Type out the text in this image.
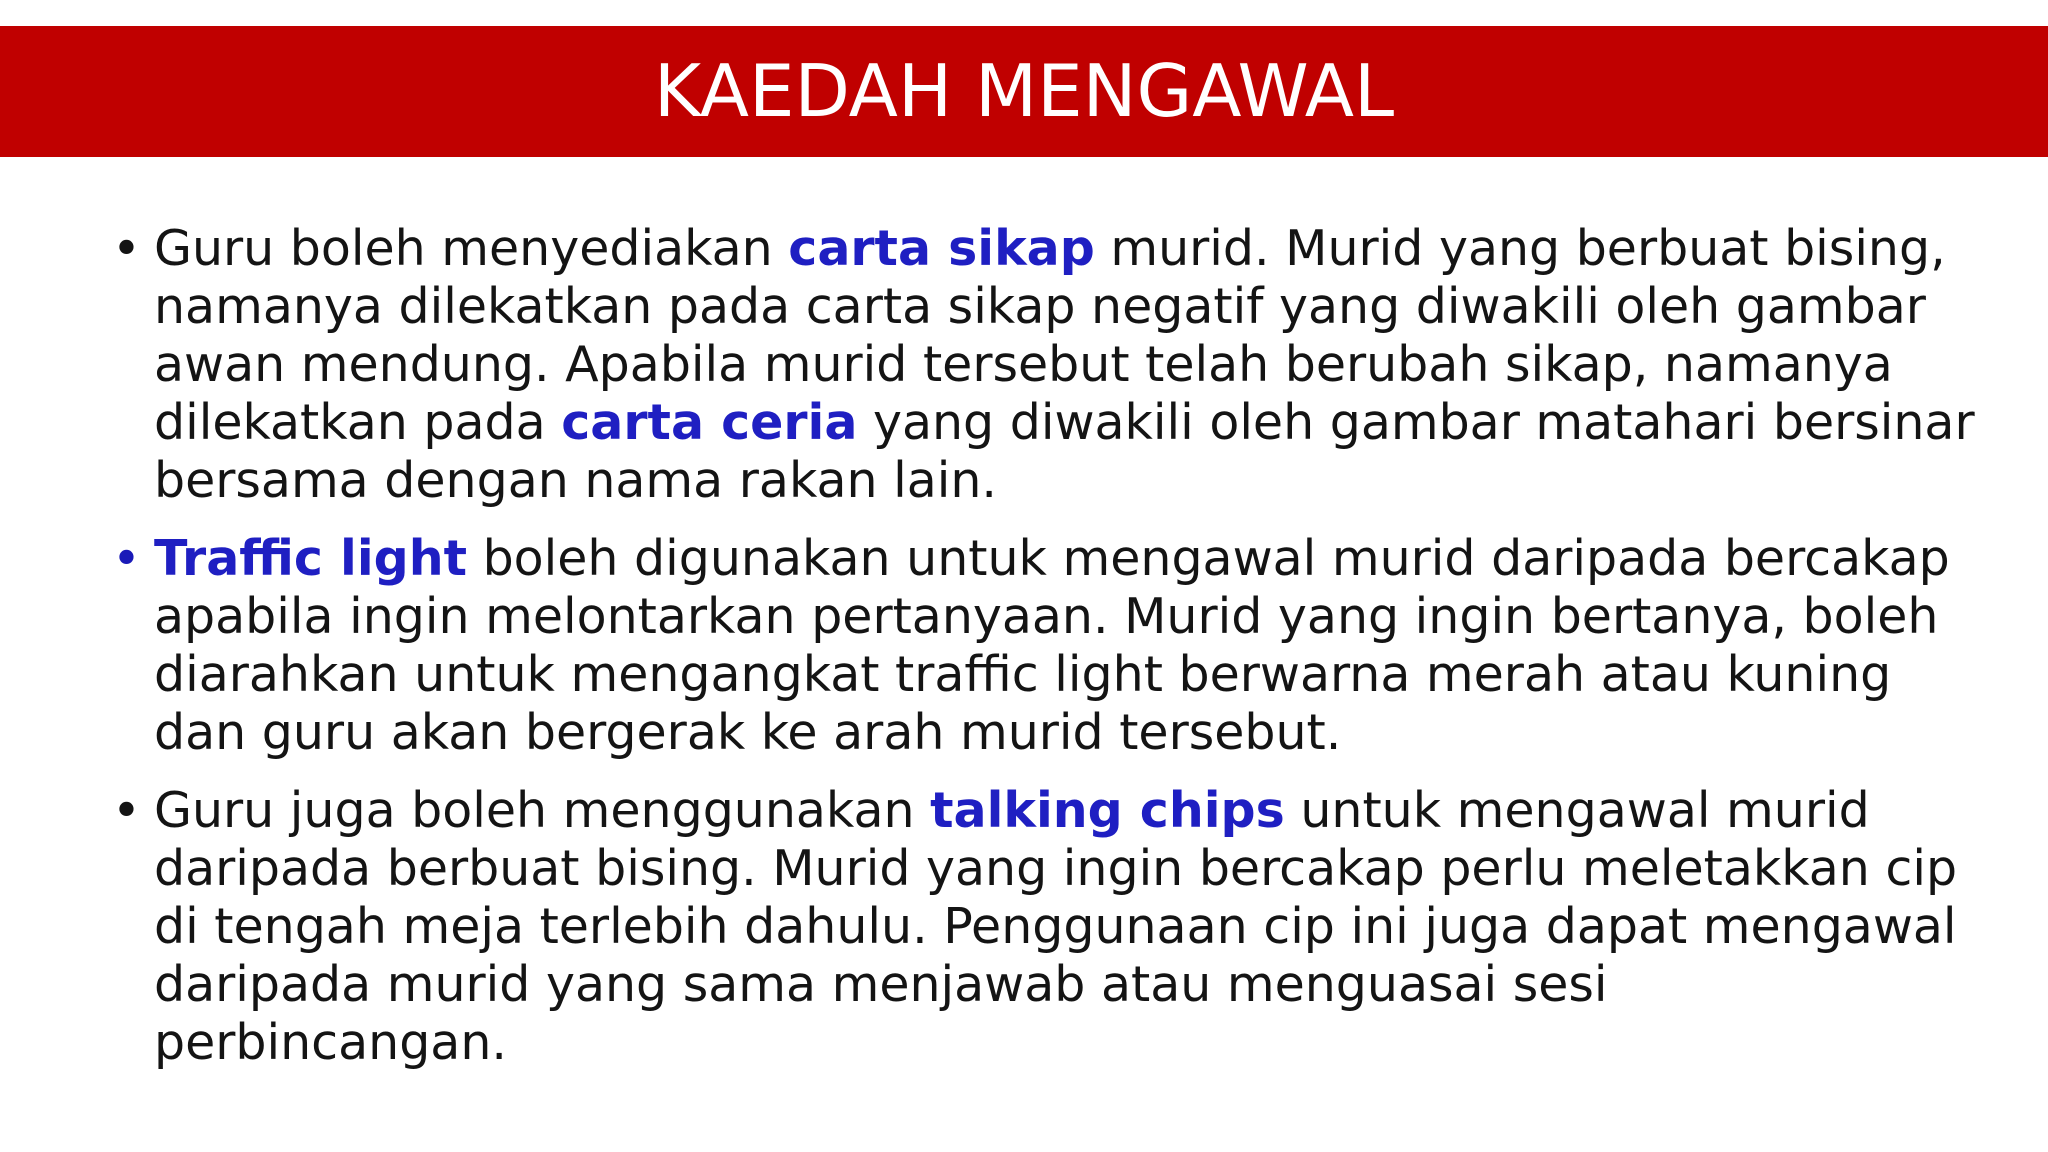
KAEDAH MENGAWAL
• Guru boleh menyediakan carta sikap murid. Murid yang berbuat bising,
namanya dilekatkan pada carta sikap negatif yang diwakili oleh gambar
awan mendung. Apabila murid tersebut telah berubah sikap, namanya
dilekatkan pada carta ceria yang diwakili oleh gambar matahari bersinar
bersama dengan nama rakan lain.
• Traffic light boleh digunakan untuk mengawal murid daripada bercakap
apabila ingin melontarkan pertanyaan. Murid yang ingin bertanya, boleh
diarahkan untuk mengangkat traffic light berwarna merah atau kuning
dan guru akan bergerak ke arah murid tersebut.
• Guru juga boleh menggunakan talking chips untuk mengawal murid
daripada berbuat bising. Murid yang ingin bercakap perlu meletakkan cip
di tengah meja terlebih dahulu. Penggunaan cip ini juga dapat mengawal
daripada murid yang sama menjawab atau menguasai sesi
perbincangan.
